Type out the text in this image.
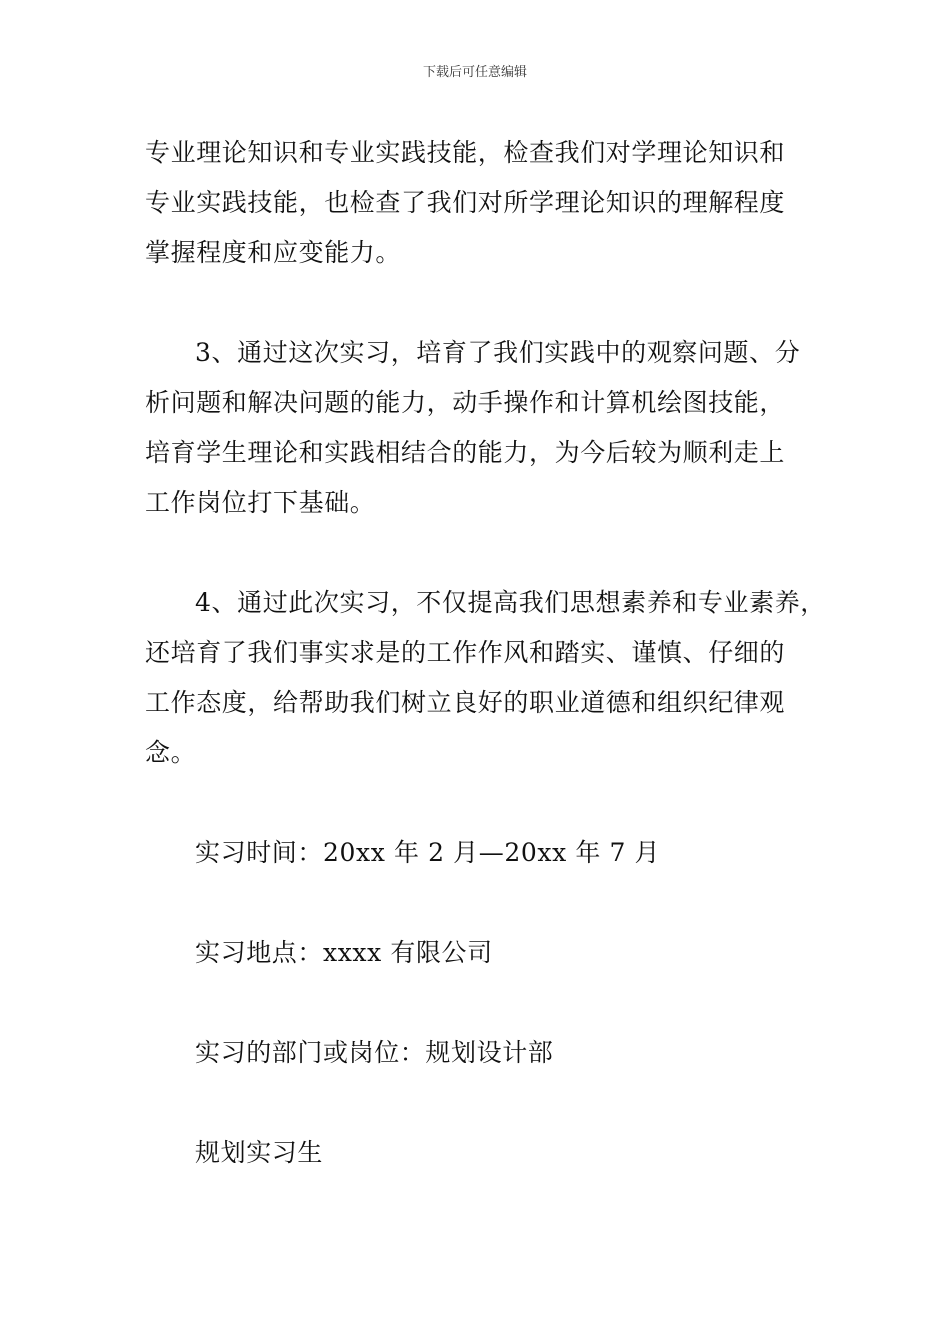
下载后可任意编辑

专业理论知识和专业实践技能，检查我们对学理论知识和

专业实践技能，也检查了我们对所学理论知识的理解程度

掌握程度和应变能力。

3、通过这次实习，培育了我们实践中的观察问题、分

析问题和解决问题的能力，动手操作和计算机绘图技能，

培育学生理论和实践相结合的能力，为今后较为顺利走上

工作岗位打下基础。

4、通过此次实习，不仅提高我们思想素养和专业素养，

还培育了我们事实求是的工作作风和踏实、谨慎、仔细的

工作态度，给帮助我们树立良好的职业道德和组织纪律观

念。

实习时间：20xx 年 2 月—20xx 年 7 月

实习地点：xxxx 有限公司

实习的部门或岗位：规划设计部

规划实习生
